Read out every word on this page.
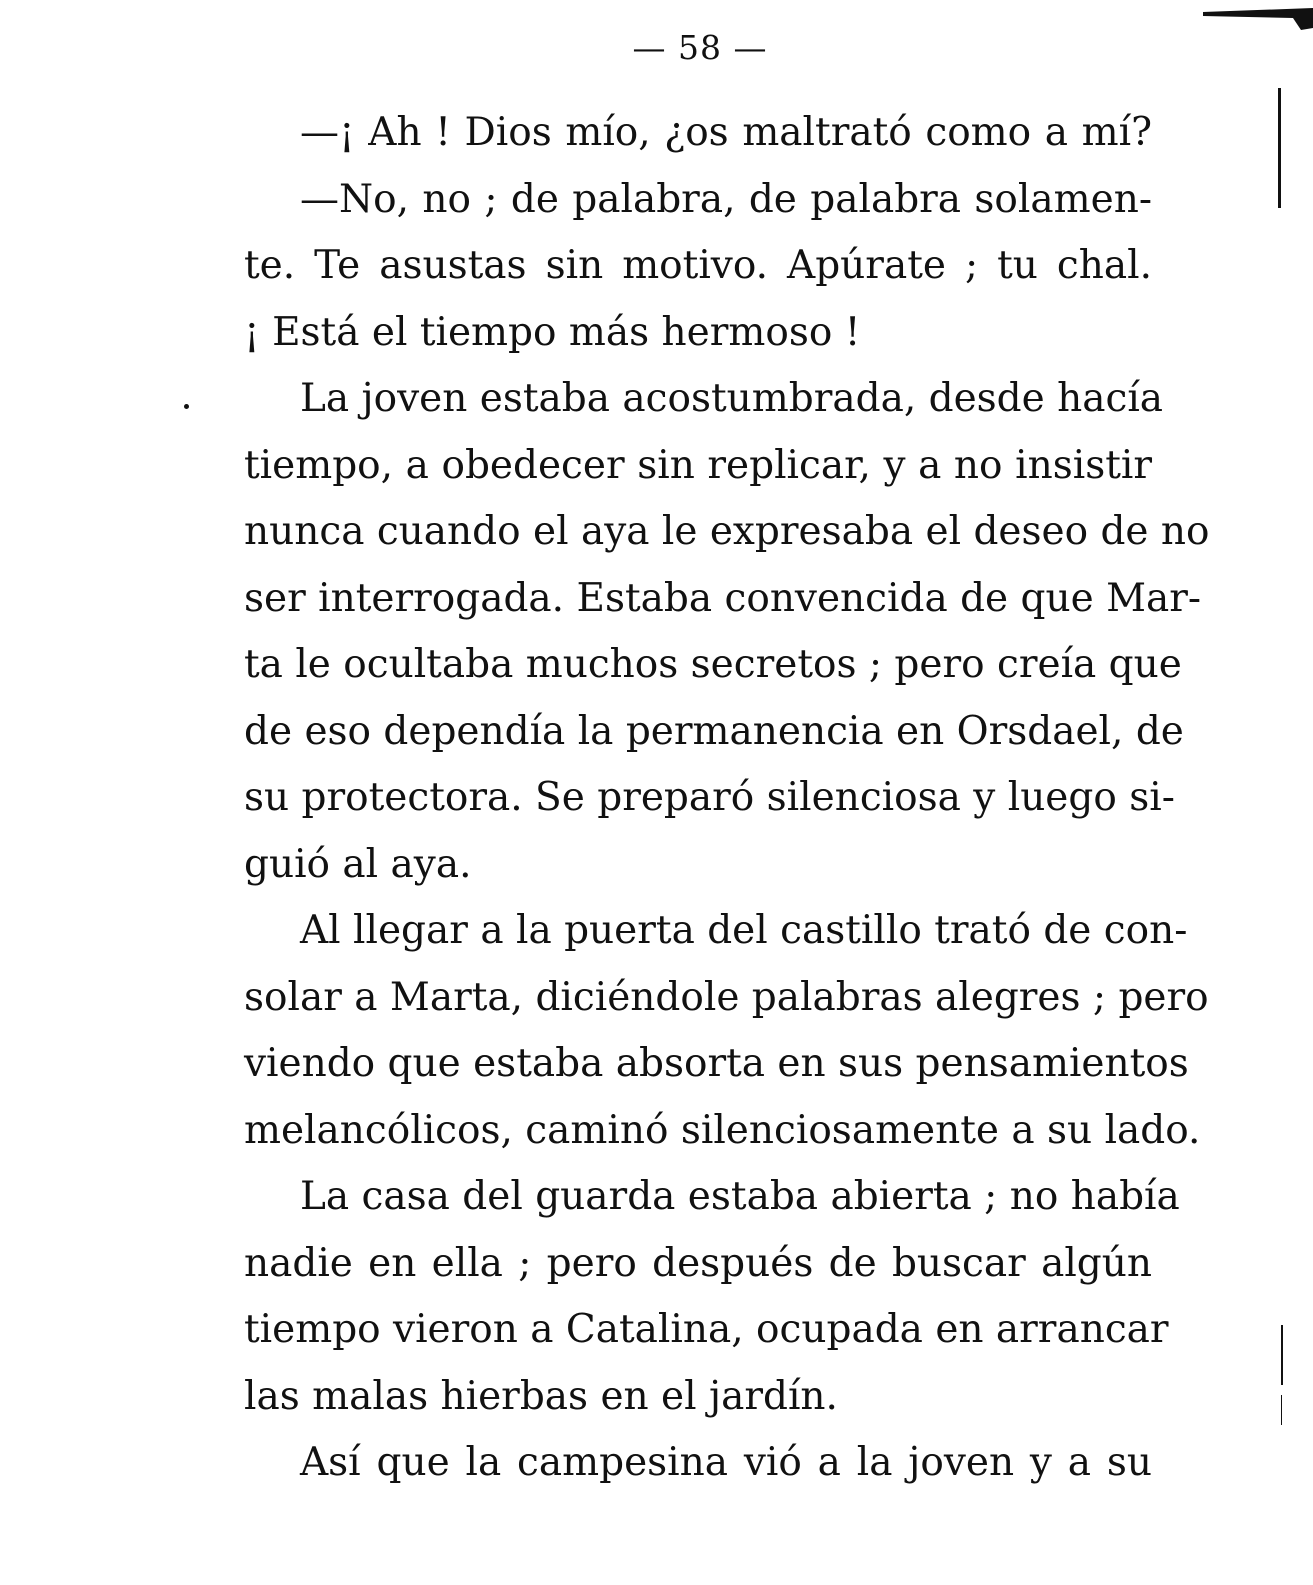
— 58 —
—¡ Ah ! Dios mío, ¿os maltrató como a mí?
—No, no ; de palabra, de palabra solamen-
te. Te asustas sin motivo. Apúrate ; tu chal.
¡ Está el tiempo más hermoso !
La joven estaba acostumbrada, desde hacía
tiempo, a obedecer sin replicar, y a no insistir
nunca cuando el aya le expresaba el deseo de no
ser interrogada. Estaba convencida de que Mar-
ta le ocultaba muchos secretos ; pero creía que
de eso dependía la permanencia en Orsdael, de
su protectora. Se preparó silenciosa y luego si-
guió al aya.
Al llegar a la puerta del castillo trató de con-
solar a Marta, diciéndole palabras alegres ; pero
viendo que estaba absorta en sus pensamientos
melancólicos, caminó silenciosamente a su lado.
La casa del guarda estaba abierta ; no había
nadie en ella ; pero después de buscar algún
tiempo vieron a Catalina, ocupada en arrancar
las malas hierbas en el jardín.
Así que la campesina vió a la joven y a su
